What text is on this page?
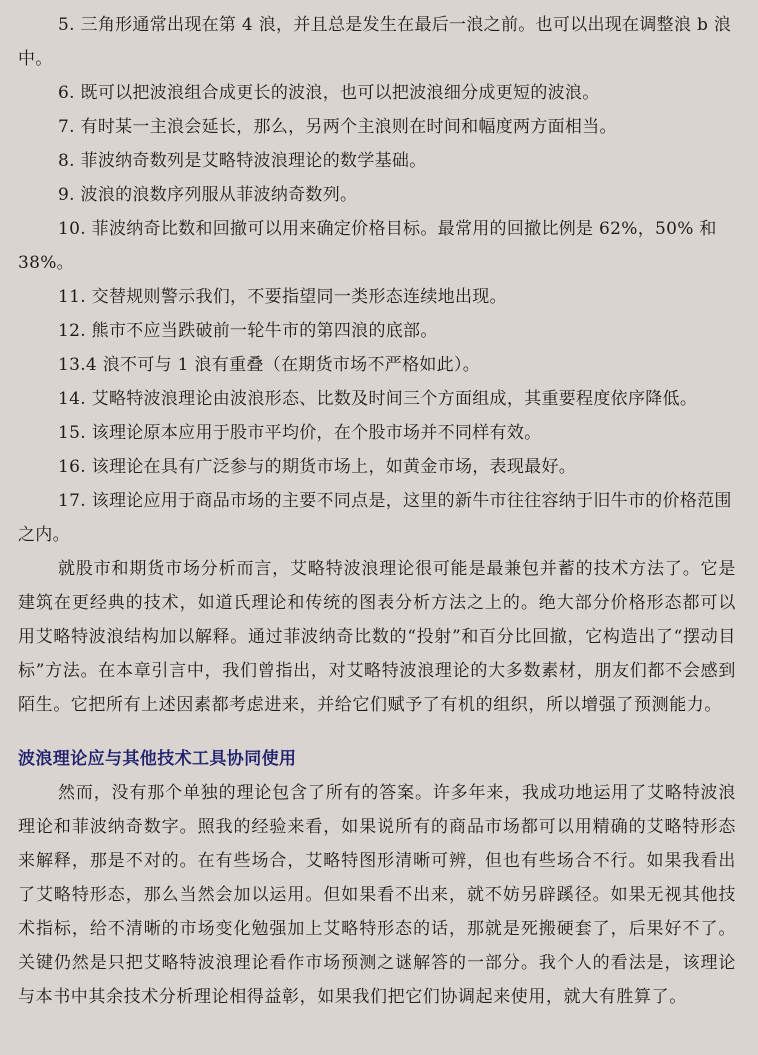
5. 三角形通常出现在第 4 浪，并且总是发生在最后一浪之前。也可以出现在调整浪 b 浪中。

6. 既可以把波浪组合成更长的波浪，也可以把波浪细分成更短的波浪。

7. 有时某一主浪会延长，那么，另两个主浪则在时间和幅度两方面相当。

8. 菲波纳奇数列是艾略特波浪理论的数学基础。

9. 波浪的浪数序列服从菲波纳奇数列。

10. 菲波纳奇比数和回撤可以用来确定价格目标。最常用的回撤比例是 62%，50% 和 38%。

11. 交替规则警示我们，不要指望同一类形态连续地出现。

12. 熊市不应当跌破前一轮牛市的第四浪的底部。

13.4 浪不可与 1 浪有重叠（在期货市场不严格如此）。

14. 艾略特波浪理论由波浪形态、比数及时间三个方面组成，其重要程度依序降低。

15. 该理论原本应用于股市平均价，在个股市场并不同样有效。

16. 该理论在具有广泛参与的期货市场上，如黄金市场，表现最好。

17. 该理论应用于商品市场的主要不同点是，这里的新牛市往往容纳于旧牛市的价格范围之内。

就股市和期货市场分析而言，艾略特波浪理论很可能是最兼包并蓄的技术方法了。它是建筑在更经典的技术，如道氏理论和传统的图表分析方法之上的。绝大部分价格形态都可以用艾略特波浪结构加以解释。通过菲波纳奇比数的“投射”和百分比回撤，它构造出了“摆动目标”方法。在本章引言中，我们曾指出，对艾略特波浪理论的大多数素材，朋友们都不会感到陌生。它把所有上述因素都考虑进来，并给它们赋予了有机的组织，所以增强了预测能力。

波浪理论应与其他技术工具协同使用

然而，没有那个单独的理论包含了所有的答案。许多年来，我成功地运用了艾略特波浪理论和菲波纳奇数字。照我的经验来看，如果说所有的商品市场都可以用精确的艾略特形态来解释，那是不对的。在有些场合，艾略特图形清晰可辨，但也有些场合不行。如果我看出了艾略特形态，那么当然会加以运用。但如果看不出来，就不妨另辟蹊径。如果无视其他技术指标，给不清晰的市场变化勉强加上艾略特形态的话，那就是死搬硬套了，后果好不了。关键仍然是只把艾略特波浪理论看作市场预测之谜解答的一部分。我个人的看法是，该理论与本书中其余技术分析理论相得益彰，如果我们把它们协调起来使用，就大有胜算了。
